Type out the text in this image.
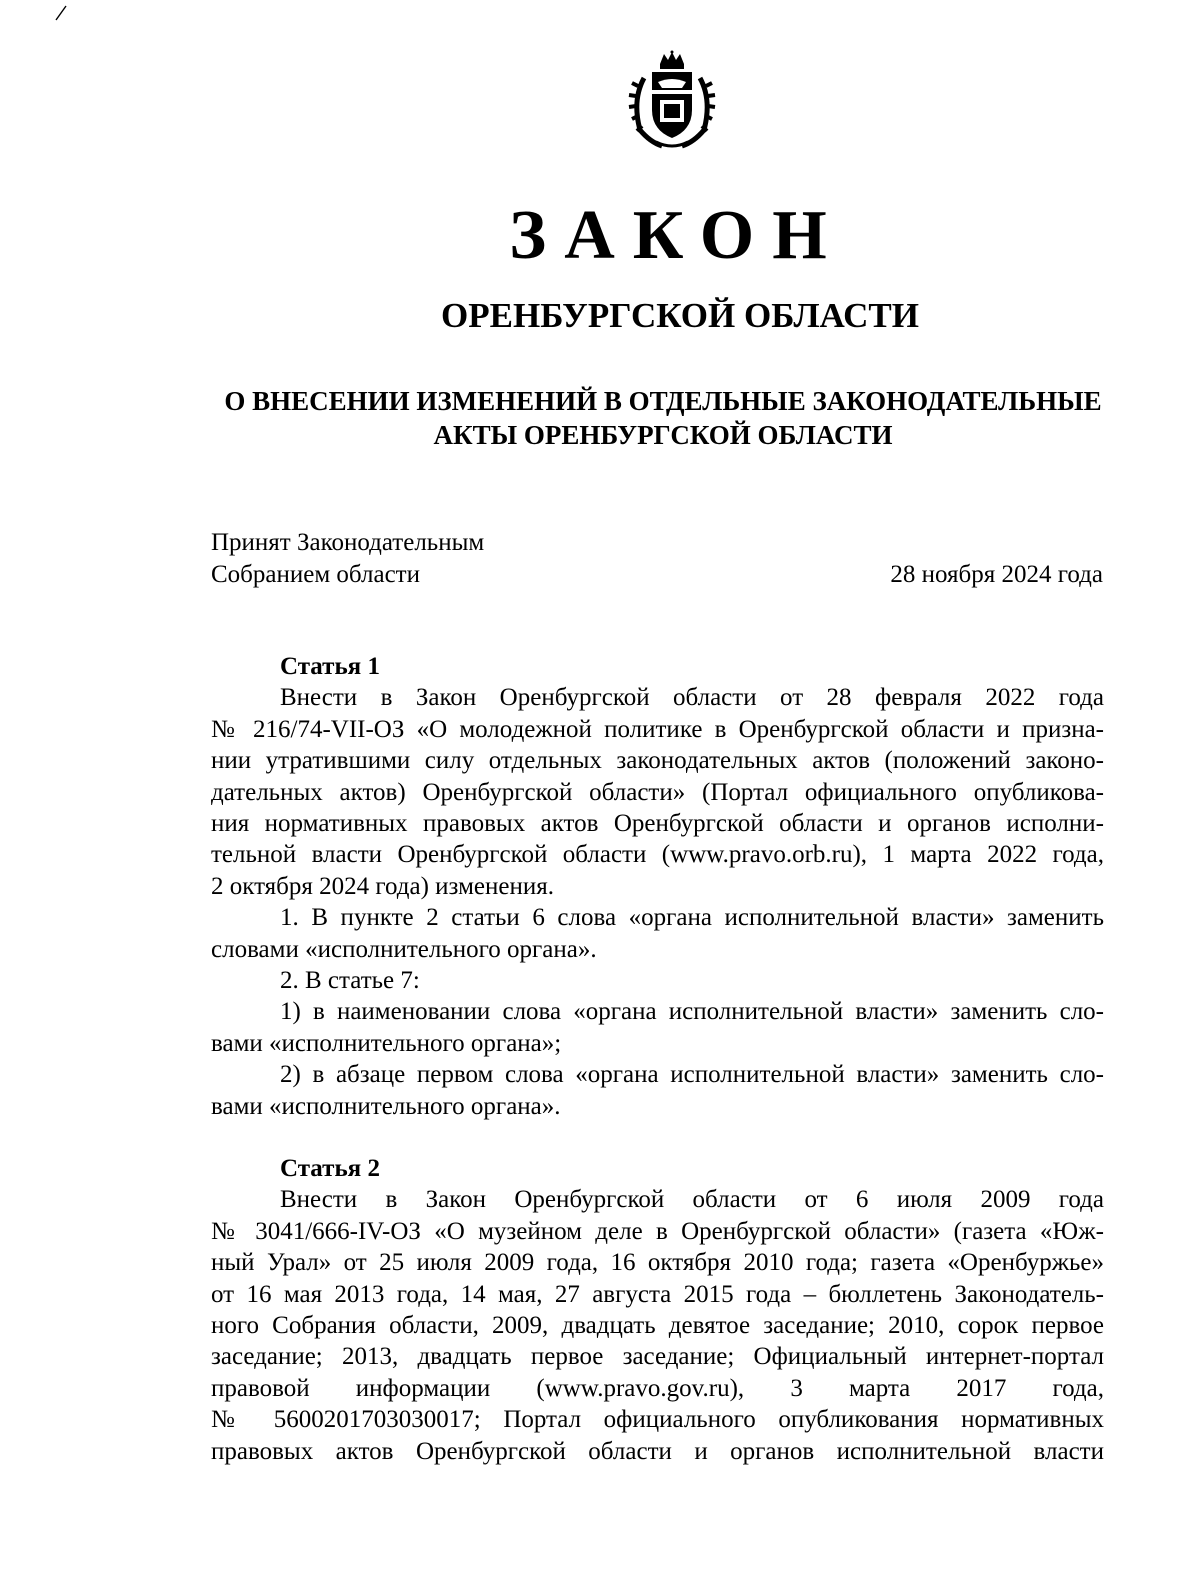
ЗАКОН
ОРЕНБУРГСКОЙ ОБЛАСТИ
О ВНЕСЕНИИ ИЗМЕНЕНИЙ В ОТДЕЛЬНЫЕ ЗАКОНОДАТЕЛЬНЫЕ
АКТЫ ОРЕНБУРГСКОЙ ОБЛАСТИ
Принят Законодательным
Собранием области	28 ноября 2024 года
Статья 1
Внести в Закон Оренбургской области от 28 февраля 2022 года
№ 216/74-VII-ОЗ «О молодежной политике в Оренбургской области и призна-
нии утратившими силу отдельных законодательных актов (положений законо-
дательных актов) Оренбургской области» (Портал официального опубликова-
ния нормативных правовых актов Оренбургской области и органов исполни-
тельной власти Оренбургской области (www.pravo.orb.ru), 1 марта 2022 года,
2 октября 2024 года) изменения.
1. В пункте 2 статьи 6 слова «органа исполнительной власти» заменить
словами «исполнительного органа».
2. В статье 7:
1) в наименовании слова «органа исполнительной власти» заменить сло-
вами «исполнительного органа»;
2) в абзаце первом слова «органа исполнительной власти» заменить сло-
вами «исполнительного органа».
Статья 2
Внести в Закон Оренбургской области от 6 июля 2009 года
№ 3041/666-IV-ОЗ «О музейном деле в Оренбургской области» (газета «Юж-
ный Урал» от 25 июля 2009 года, 16 октября 2010 года; газета «Оренбуржье»
от 16 мая 2013 года, 14 мая, 27 августа 2015 года – бюллетень Законодатель-
ного Собрания области, 2009, двадцать девятое заседание; 2010, сорок первое
заседание; 2013, двадцать первое заседание; Официальный интернет-портал
правовой информации (www.pravo.gov.ru), 3 марта 2017 года,
№ 5600201703030017; Портал официального опубликования нормативных
правовых актов Оренбургской области и органов исполнительной власти
